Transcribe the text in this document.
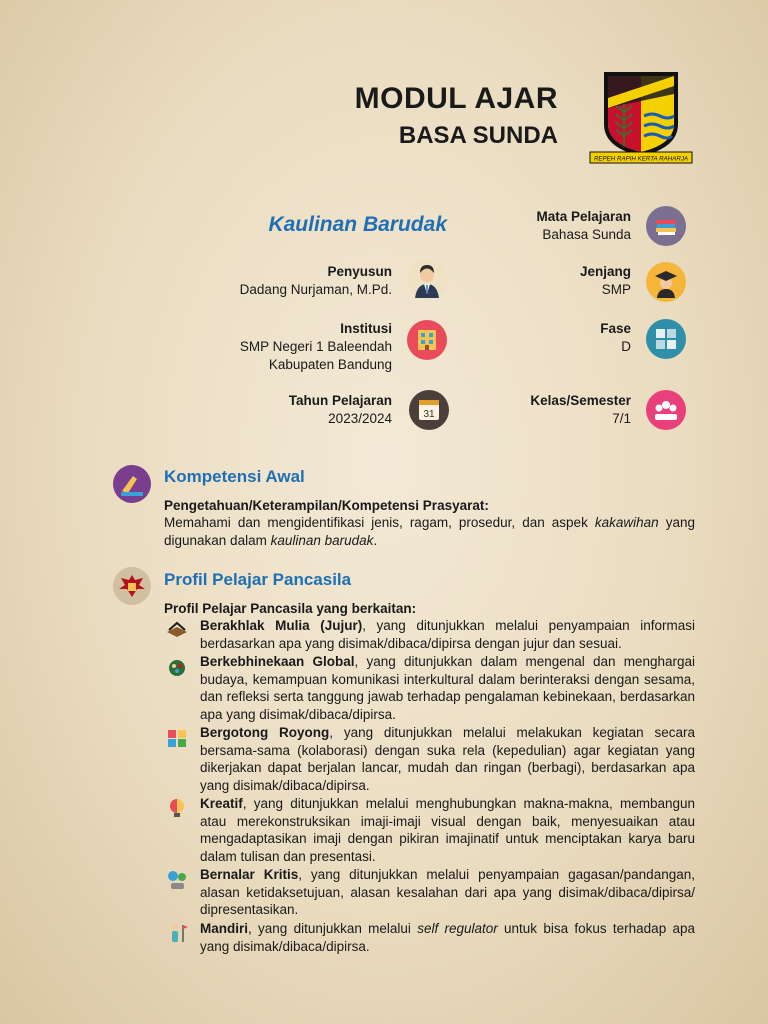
MODUL AJAR
BASA SUNDA
REPEH RAPIH KERTA RAHARJA
Kaulinan Barudak
Penyusun
Dadang Nurjaman, M.Pd.
Institusi
SMP Negeri 1 Baleendah
Kabupaten Bandung
Tahun Pelajaran
2023/2024	31
Mata Pelajaran
Bahasa Sunda
Jenjang
SMP
Fase
D
Kelas/Semester
7/1
Kompetensi Awal
Pengetahuan/Keterampilan/Kompetensi Prasyarat:
Memahami dan mengidentifikasi jenis, ragam, prosedur, dan aspek kakawihan yang digunakan dalam kaulinan barudak.
Profil Pelajar Pancasila
Profil Pelajar Pancasila yang berkaitan:
Berakhlak Mulia (Jujur), yang ditunjukkan melalui penyampaian informasi berdasarkan apa yang disimak/dibaca/dipirsa dengan jujur dan sesuai.
Berkebhinekaan Global, yang ditunjukkan dalam mengenal dan menghargai budaya, kemampuan komunikasi interkultural dalam berinteraksi dengan sesama, dan refleksi serta tanggung jawab terhadap pengalaman kebinekaan, berdasarkan apa yang disimak/dibaca/dipirsa.
Bergotong Royong, yang ditunjukkan melalui melakukan kegiatan secara bersama-sama (kolaborasi) dengan suka rela (kepedulian) agar kegiatan yang dikerjakan dapat berjalan lancar, mudah dan ringan (berbagi), berdasarkan apa yang disimak/dibaca/dipirsa.
Kreatif, yang ditunjukkan melalui menghubungkan makna-makna, membangun atau merekonstruksikan imaji-imaji visual dengan baik, menyesuaikan atau mengadaptasikan imaji dengan pikiran imajinatif untuk menciptakan karya baru dalam tulisan dan presentasi.
Bernalar Kritis, yang ditunjukkan melalui penyampaian gagasan/pandangan, alasan ketidaksetujuan, alasan kesalahan dari apa yang disimak/dibaca/dipirsa/ dipresentasikan.
Mandiri, yang ditunjukkan melalui self regulator untuk bisa fokus terhadap apa yang disimak/dibaca/dipirsa.
